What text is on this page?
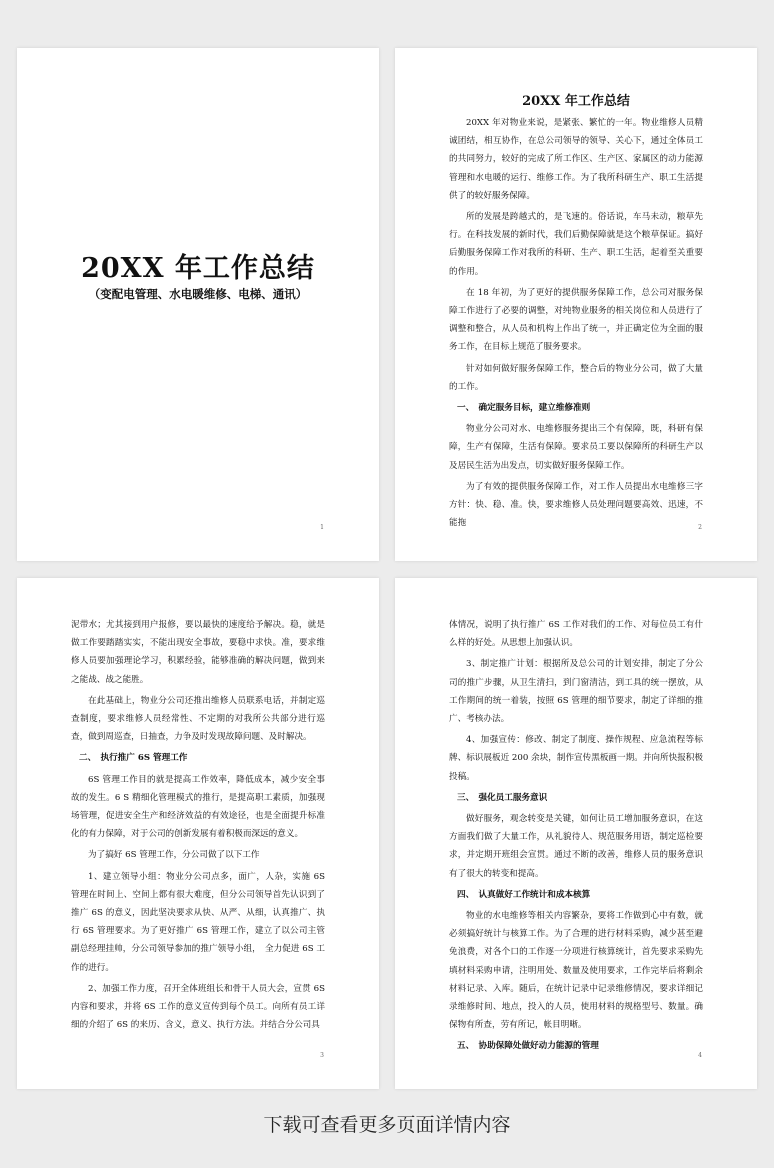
20XX 年工作总结
（变配电管理、水电暖维修、电梯、通讯）
1
20XX 年工作总结

20XX 年对物业来说，是紧张、繁忙的一年。物业维修人员精诚团结，相互协作，在总公司领导的领导、关心下，通过全体员工的共同努力，较好的完成了所工作区、生产区、家属区的动力能源管理和水电暖的运行、维修工作。为了我所科研生产、职工生活提供了的较好服务保障。

所的发展是跨越式的，是飞速的。俗话说，车马未动，粮草先行。在科技发展的新时代，我们后勤保障就是这个粮草保证。搞好后勤服务保障工作对我所的科研、生产、职工生活，起着至关重要的作用。

在 18 年初，为了更好的提供服务保障工作，总公司对服务保障工作进行了必要的调整，对纯物业服务的相关岗位和人员进行了调整和整合，从人员和机构上作出了统一，并正确定位为全面的服务工作，在目标上规范了服务要求。

针对如何做好服务保障工作，整合后的物业分公司，做了大量的工作。

一、　确定服务目标，建立维修准则

物业分公司对水、电维修服务提出三个有保障，既，科研有保障，生产有保障，生活有保障。要求员工要以保障所的科研生产以及居民生活为出发点，切实做好服务保障工作。

为了有效的提供服务保障工作，对工作人员提出水电维修三字方针：快、稳、准。快，要求维修人员处理问题要高效、迅速，不能拖	2

泥带水；尤其接到用户报修，要以最快的速度给予解决。稳，就是做工作要踏踏实实，不能出现安全事故，要稳中求快。准，要求维修人员要加强理论学习，积累经验，能够准确的解决问题，做到来之能战、战之能胜。

在此基础上，物业分公司还推出维修人员联系电话，并制定巡查制度，要求维修人员经常性、不定期的对我所公共部分进行巡查，做到周巡查，日抽查，力争及时发现故障问题、及时解决。

二、　执行推广 6S 管理工作

6S 管理工作目的就是提高工作效率，降低成本，减少安全事故的发生。6 S 精细化管理模式的推行，是提高职工素质，加强现场管理，促进安全生产和经济效益的有效途径，也是全面提升标准化的有力保障，对于公司的创新发展有着积极而深远的意义。

为了搞好 6S 管理工作，分公司做了以下工作

1、建立领导小组：物业分公司点多，面广，人杂，实施 6S 管理在时间上、空间上都有很大难度，但分公司领导首先认识到了推广 6S 的意义，因此坚决要求从快、从严、从细，认真推广、执行 6S 管理要求。为了更好推广 6S 管理工作，建立了以公司主管副总经理挂帅，分公司领导参加的推广领导小组，　全力促进 6S 工作的进行。

2、加强工作力度，召开全体班组长和骨干人员大会，宣贯 6S 内容和要求，并将 6S 工作的意义宣传到每个员工。向所有员工详细的介绍了 6S 的来历、含义，意义、执行方法。并结合分公司具

3

体情况，说明了执行推广 6S 工作对我们的工作、对每位员工有什么样的好处。从思想上加强认识。

3、制定推广计划：根据所及总公司的计划安排，制定了分公司的推广步骤，从卫生清扫，到门窗清洁，到工具的统一摆放，从工作期间的统一着装，按照 6S 管理的细节要求，制定了详细的推广、考核办法。

4、加强宣传：修改、制定了制度、操作规程、应急流程等标牌、标识展板近 200 余块，制作宣传黑板画一期。并向所快报积极投稿。

三、　强化员工服务意识

做好服务，观念转变是关键，如何让员工增加服务意识，在这方面我们做了大量工作，从礼貌待人、规范服务用语，制定巡检要求，并定期开班组会宣贯。通过不断的改善，维修人员的服务意识有了很大的转变和提高。

四、　认真做好工作统计和成本核算

物业的水电维修等相关内容繁杂，要将工作做到心中有数，就必须搞好统计与核算工作。为了合理的进行材料采购，减少甚至避免浪费，对各个口的工作逐一分项进行核算统计，首先要求采购先填材料采购申请，注明用处、数量及使用要求，工作完毕后将剩余材料记录、入库。随后，在统计记录中记录维修情况，要求详细记录维修时间、地点，投入的人员，使用材料的规格型号、数量。确保物有所查，劳有所记，帐目明晰。

五、　协助保障处做好动力能源的管理

4
下载可查看更多页面详情内容
